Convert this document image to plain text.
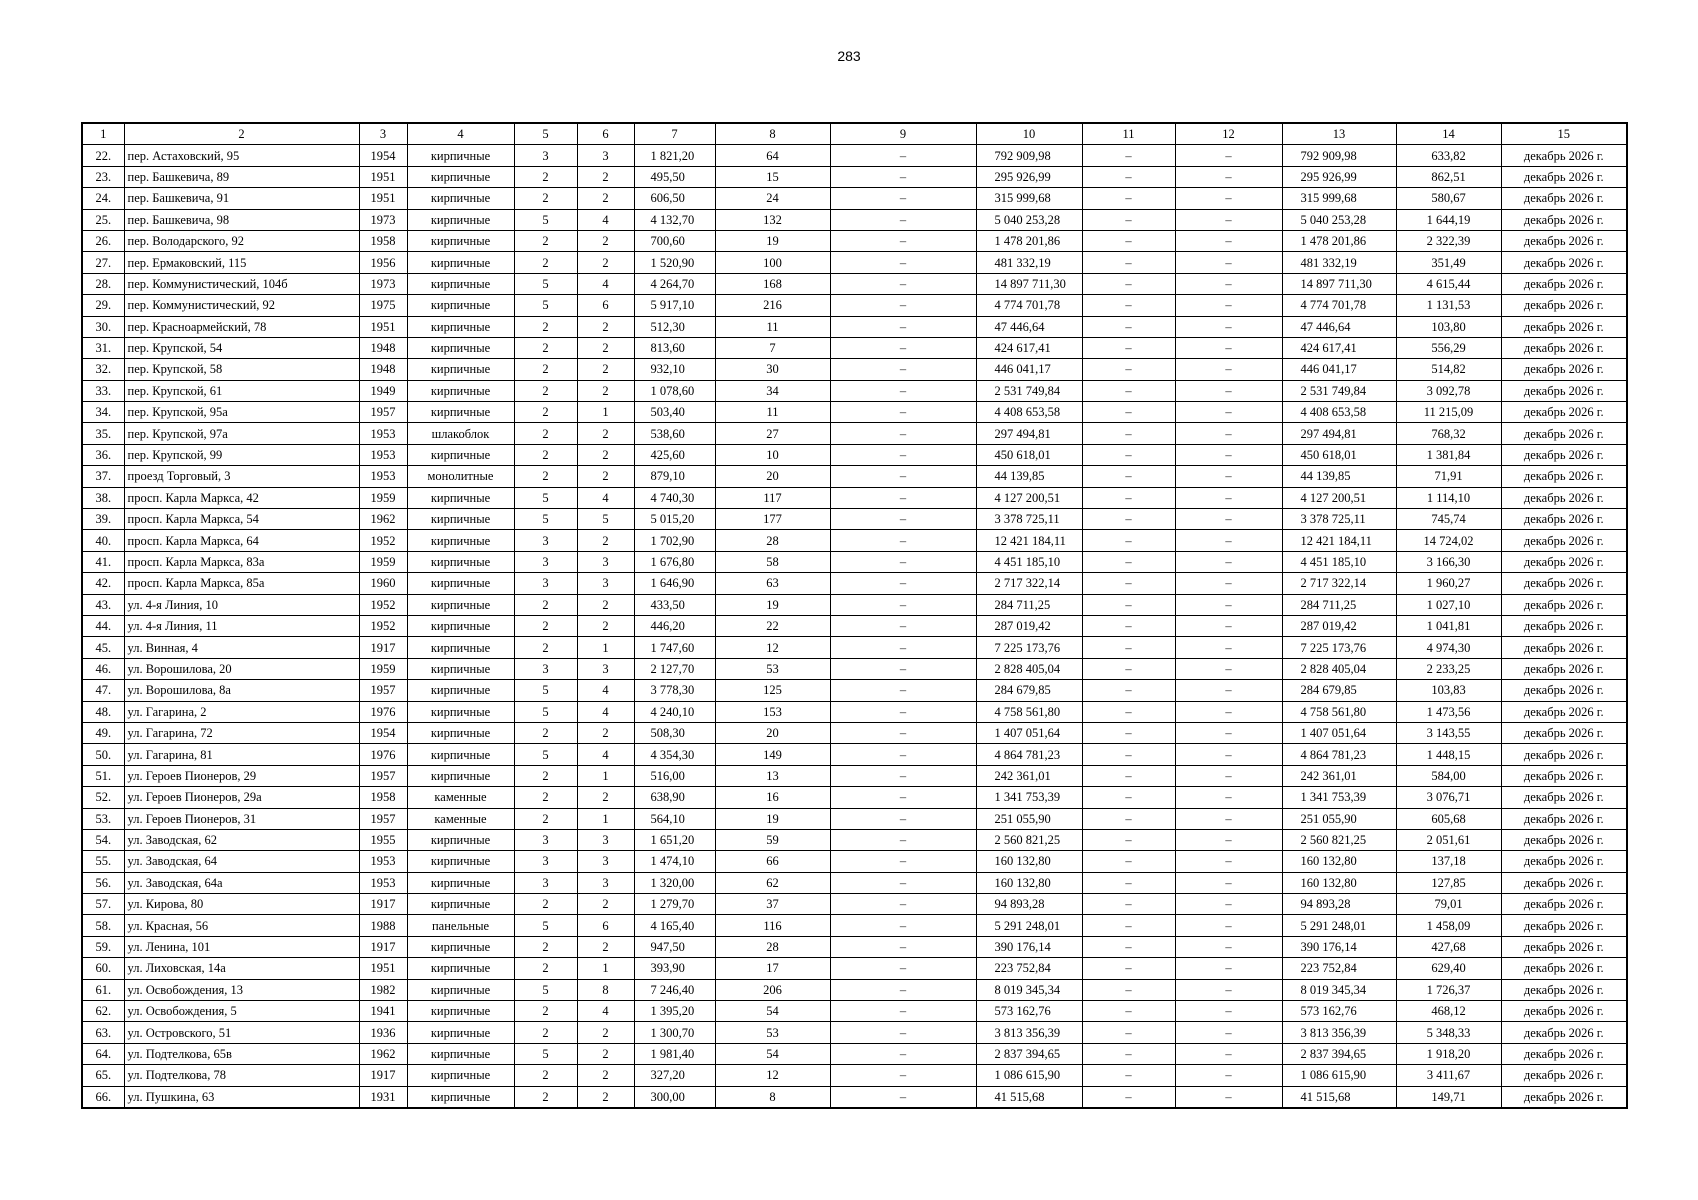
283
1	2	3	4	5	6	7	8	9	10	11	12	13	14	15
22.	пер. Астаховский, 95	1954	кирпичные	3	3	1 821,20	64	–	792 909,98	–	–	792 909,98	633,82	декабрь 2026 г.
23.	пер. Башкевича, 89	1951	кирпичные	2	2	495,50	15	–	295 926,99	–	–	295 926,99	862,51	декабрь 2026 г.
24.	пер. Башкевича, 91	1951	кирпичные	2	2	606,50	24	–	315 999,68	–	–	315 999,68	580,67	декабрь 2026 г.
25.	пер. Башкевича, 98	1973	кирпичные	5	4	4 132,70	132	–	5 040 253,28	–	–	5 040 253,28	1 644,19	декабрь 2026 г.
26.	пер. Володарского, 92	1958	кирпичные	2	2	700,60	19	–	1 478 201,86	–	–	1 478 201,86	2 322,39	декабрь 2026 г.
27.	пер. Ермаковский, 115	1956	кирпичные	2	2	1 520,90	100	–	481 332,19	–	–	481 332,19	351,49	декабрь 2026 г.
28.	пер. Коммунистический, 104б	1973	кирпичные	5	4	4 264,70	168	–	14 897 711,30	–	–	14 897 711,30	4 615,44	декабрь 2026 г.
29.	пер. Коммунистический, 92	1975	кирпичные	5	6	5 917,10	216	–	4 774 701,78	–	–	4 774 701,78	1 131,53	декабрь 2026 г.
30.	пер. Красноармейский, 78	1951	кирпичные	2	2	512,30	11	–	47 446,64	–	–	47 446,64	103,80	декабрь 2026 г.
31.	пер. Крупской, 54	1948	кирпичные	2	2	813,60	7	–	424 617,41	–	–	424 617,41	556,29	декабрь 2026 г.
32.	пер. Крупской, 58	1948	кирпичные	2	2	932,10	30	–	446 041,17	–	–	446 041,17	514,82	декабрь 2026 г.
33.	пер. Крупской, 61	1949	кирпичные	2	2	1 078,60	34	–	2 531 749,84	–	–	2 531 749,84	3 092,78	декабрь 2026 г.
34.	пер. Крупской, 95а	1957	кирпичные	2	1	503,40	11	–	4 408 653,58	–	–	4 408 653,58	11 215,09	декабрь 2026 г.
35.	пер. Крупской, 97а	1953	шлакоблок	2	2	538,60	27	–	297 494,81	–	–	297 494,81	768,32	декабрь 2026 г.
36.	пер. Крупской, 99	1953	кирпичные	2	2	425,60	10	–	450 618,01	–	–	450 618,01	1 381,84	декабрь 2026 г.
37.	проезд Торговый, 3	1953	монолитные	2	2	879,10	20	–	44 139,85	–	–	44 139,85	71,91	декабрь 2026 г.
38.	просп. Карла Маркса, 42	1959	кирпичные	5	4	4 740,30	117	–	4 127 200,51	–	–	4 127 200,51	1 114,10	декабрь 2026 г.
39.	просп. Карла Маркса, 54	1962	кирпичные	5	5	5 015,20	177	–	3 378 725,11	–	–	3 378 725,11	745,74	декабрь 2026 г.
40.	просп. Карла Маркса, 64	1952	кирпичные	3	2	1 702,90	28	–	12 421 184,11	–	–	12 421 184,11	14 724,02	декабрь 2026 г.
41.	просп. Карла Маркса, 83а	1959	кирпичные	3	3	1 676,80	58	–	4 451 185,10	–	–	4 451 185,10	3 166,30	декабрь 2026 г.
42.	просп. Карла Маркса, 85а	1960	кирпичные	3	3	1 646,90	63	–	2 717 322,14	–	–	2 717 322,14	1 960,27	декабрь 2026 г.
43.	ул. 4-я Линия, 10	1952	кирпичные	2	2	433,50	19	–	284 711,25	–	–	284 711,25	1 027,10	декабрь 2026 г.
44.	ул. 4-я Линия, 11	1952	кирпичные	2	2	446,20	22	–	287 019,42	–	–	287 019,42	1 041,81	декабрь 2026 г.
45.	ул. Винная, 4	1917	кирпичные	2	1	1 747,60	12	–	7 225 173,76	–	–	7 225 173,76	4 974,30	декабрь 2026 г.
46.	ул. Ворошилова, 20	1959	кирпичные	3	3	2 127,70	53	–	2 828 405,04	–	–	2 828 405,04	2 233,25	декабрь 2026 г.
47.	ул. Ворошилова, 8а	1957	кирпичные	5	4	3 778,30	125	–	284 679,85	–	–	284 679,85	103,83	декабрь 2026 г.
48.	ул. Гагарина, 2	1976	кирпичные	5	4	4 240,10	153	–	4 758 561,80	–	–	4 758 561,80	1 473,56	декабрь 2026 г.
49.	ул. Гагарина, 72	1954	кирпичные	2	2	508,30	20	–	1 407 051,64	–	–	1 407 051,64	3 143,55	декабрь 2026 г.
50.	ул. Гагарина, 81	1976	кирпичные	5	4	4 354,30	149	–	4 864 781,23	–	–	4 864 781,23	1 448,15	декабрь 2026 г.
51.	ул. Героев Пионеров, 29	1957	кирпичные	2	1	516,00	13	–	242 361,01	–	–	242 361,01	584,00	декабрь 2026 г.
52.	ул. Героев Пионеров, 29а	1958	каменные	2	2	638,90	16	–	1 341 753,39	–	–	1 341 753,39	3 076,71	декабрь 2026 г.
53.	ул. Героев Пионеров, 31	1957	каменные	2	1	564,10	19	–	251 055,90	–	–	251 055,90	605,68	декабрь 2026 г.
54.	ул. Заводская, 62	1955	кирпичные	3	3	1 651,20	59	–	2 560 821,25	–	–	2 560 821,25	2 051,61	декабрь 2026 г.
55.	ул. Заводская, 64	1953	кирпичные	3	3	1 474,10	66	–	160 132,80	–	–	160 132,80	137,18	декабрь 2026 г.
56.	ул. Заводская, 64а	1953	кирпичные	3	3	1 320,00	62	–	160 132,80	–	–	160 132,80	127,85	декабрь 2026 г.
57.	ул. Кирова, 80	1917	кирпичные	2	2	1 279,70	37	–	94 893,28	–	–	94 893,28	79,01	декабрь 2026 г.
58.	ул. Красная, 56	1988	панельные	5	6	4 165,40	116	–	5 291 248,01	–	–	5 291 248,01	1 458,09	декабрь 2026 г.
59.	ул. Ленина, 101	1917	кирпичные	2	2	947,50	28	–	390 176,14	–	–	390 176,14	427,68	декабрь 2026 г.
60.	ул. Лиховская, 14а	1951	кирпичные	2	1	393,90	17	–	223 752,84	–	–	223 752,84	629,40	декабрь 2026 г.
61.	ул. Освобождения, 13	1982	кирпичные	5	8	7 246,40	206	–	8 019 345,34	–	–	8 019 345,34	1 726,37	декабрь 2026 г.
62.	ул. Освобождения, 5	1941	кирпичные	2	4	1 395,20	54	–	573 162,76	–	–	573 162,76	468,12	декабрь 2026 г.
63.	ул. Островского, 51	1936	кирпичные	2	2	1 300,70	53	–	3 813 356,39	–	–	3 813 356,39	5 348,33	декабрь 2026 г.
64.	ул. Подтелкова, 65в	1962	кирпичные	5	2	1 981,40	54	–	2 837 394,65	–	–	2 837 394,65	1 918,20	декабрь 2026 г.
65.	ул. Подтелкова, 78	1917	кирпичные	2	2	327,20	12	–	1 086 615,90	–	–	1 086 615,90	3 411,67	декабрь 2026 г.
66.	ул. Пушкина, 63	1931	кирпичные	2	2	300,00	8	–	41 515,68	–	–	41 515,68	149,71	декабрь 2026 г.
